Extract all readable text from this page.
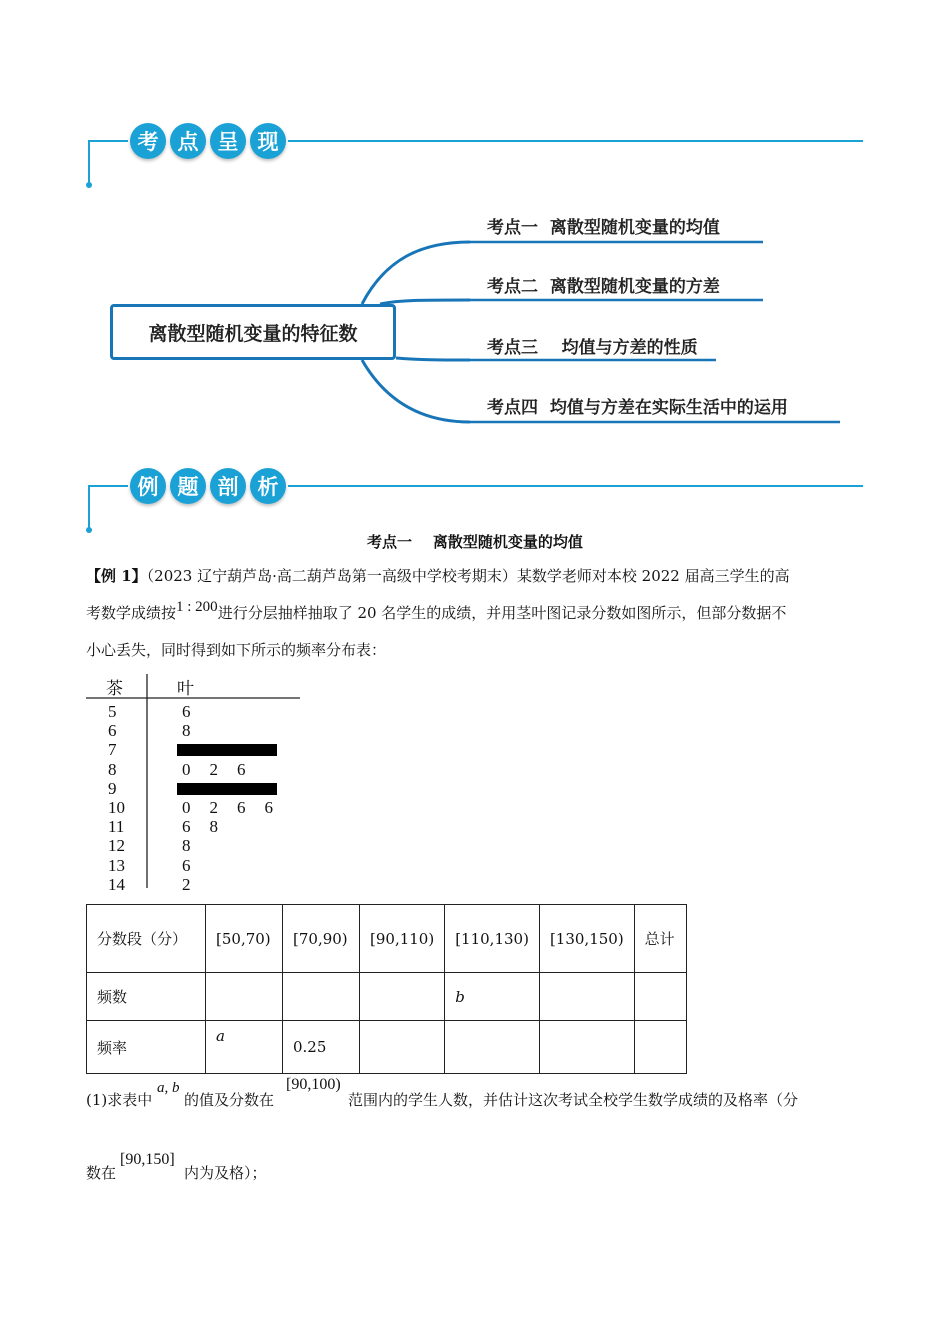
考 点 呈 现
离散型随机变量的特征数
考点一  离散型随机变量的均值
考点二  离散型随机变量的方差
考点三    均值与方差的性质
考点四  均值与方差在实际生活中的运用
例 题 剖 析
考点一    离散型随机变量的均值
【例 1】（2023 辽宁葫芦岛·高二葫芦岛第一高级中学校考期末）某数学老师对本校 2022 届高三学生的高
考数学成绩按1 : 200进行分层抽样抽取了 20 名学生的成绩，并用茎叶图记录分数如图所示，但部分数据不
小心丢失，同时得到如下所示的频率分布表：
茶	叶
5	6
6	8
7
8	0 2 6
9
10	0 2 6 6
11	6 8
12	8
13	6
14	2
分数段（分）	[50,70)	[70,90)	[90,110)	[110,130)	[130,150)	总计
频数				b		
频率	a	0.25				
(1)求表中
a, b
的值及分数在
[90,100)
范围内的学生人数，并估计这次考试全校学生数学成绩的及格率（分
数在
[90,150]
内为及格）；
